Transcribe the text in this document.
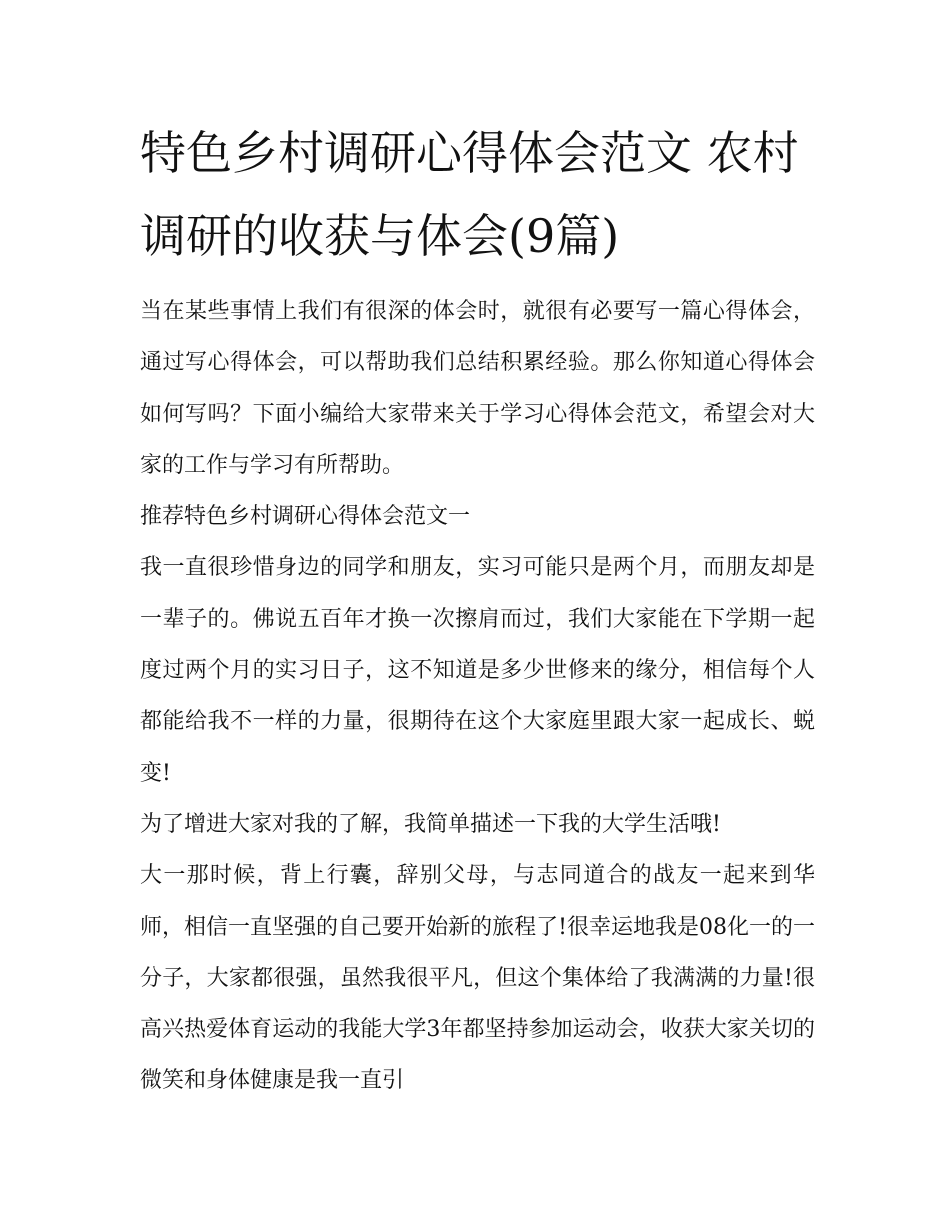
特色乡村调研心得体会范文 农村调研的收获与体会(9篇)

当在某些事情上我们有很深的体会时，就很有必要写一篇心得体会，通过写心得体会，可以帮助我们总结积累经验。那么你知道心得体会如何写吗？下面小编给大家带来关于学习心得体会范文，希望会对大家的工作与学习有所帮助。

推荐特色乡村调研心得体会范文一

我一直很珍惜身边的同学和朋友，实习可能只是两个月，而朋友却是一辈子的。佛说五百年才换一次擦肩而过，我们大家能在下学期一起度过两个月的实习日子，这不知道是多少世修来的缘分，相信每个人都能给我不一样的力量，很期待在这个大家庭里跟大家一起成长、蜕变!

为了增进大家对我的了解，我简单描述一下我的大学生活哦!

大一那时候，背上行囊，辞别父母，与志同道合的战友一起来到华师，相信一直坚强的自己要开始新的旅程了!很幸运地我是08化一的一分子，大家都很强，虽然我很平凡，但这个集体给了我满满的力量!很高兴热爱体育运动的我能大学3年都坚持参加运动会，收获大家关切的微笑和身体健康是我一直引
